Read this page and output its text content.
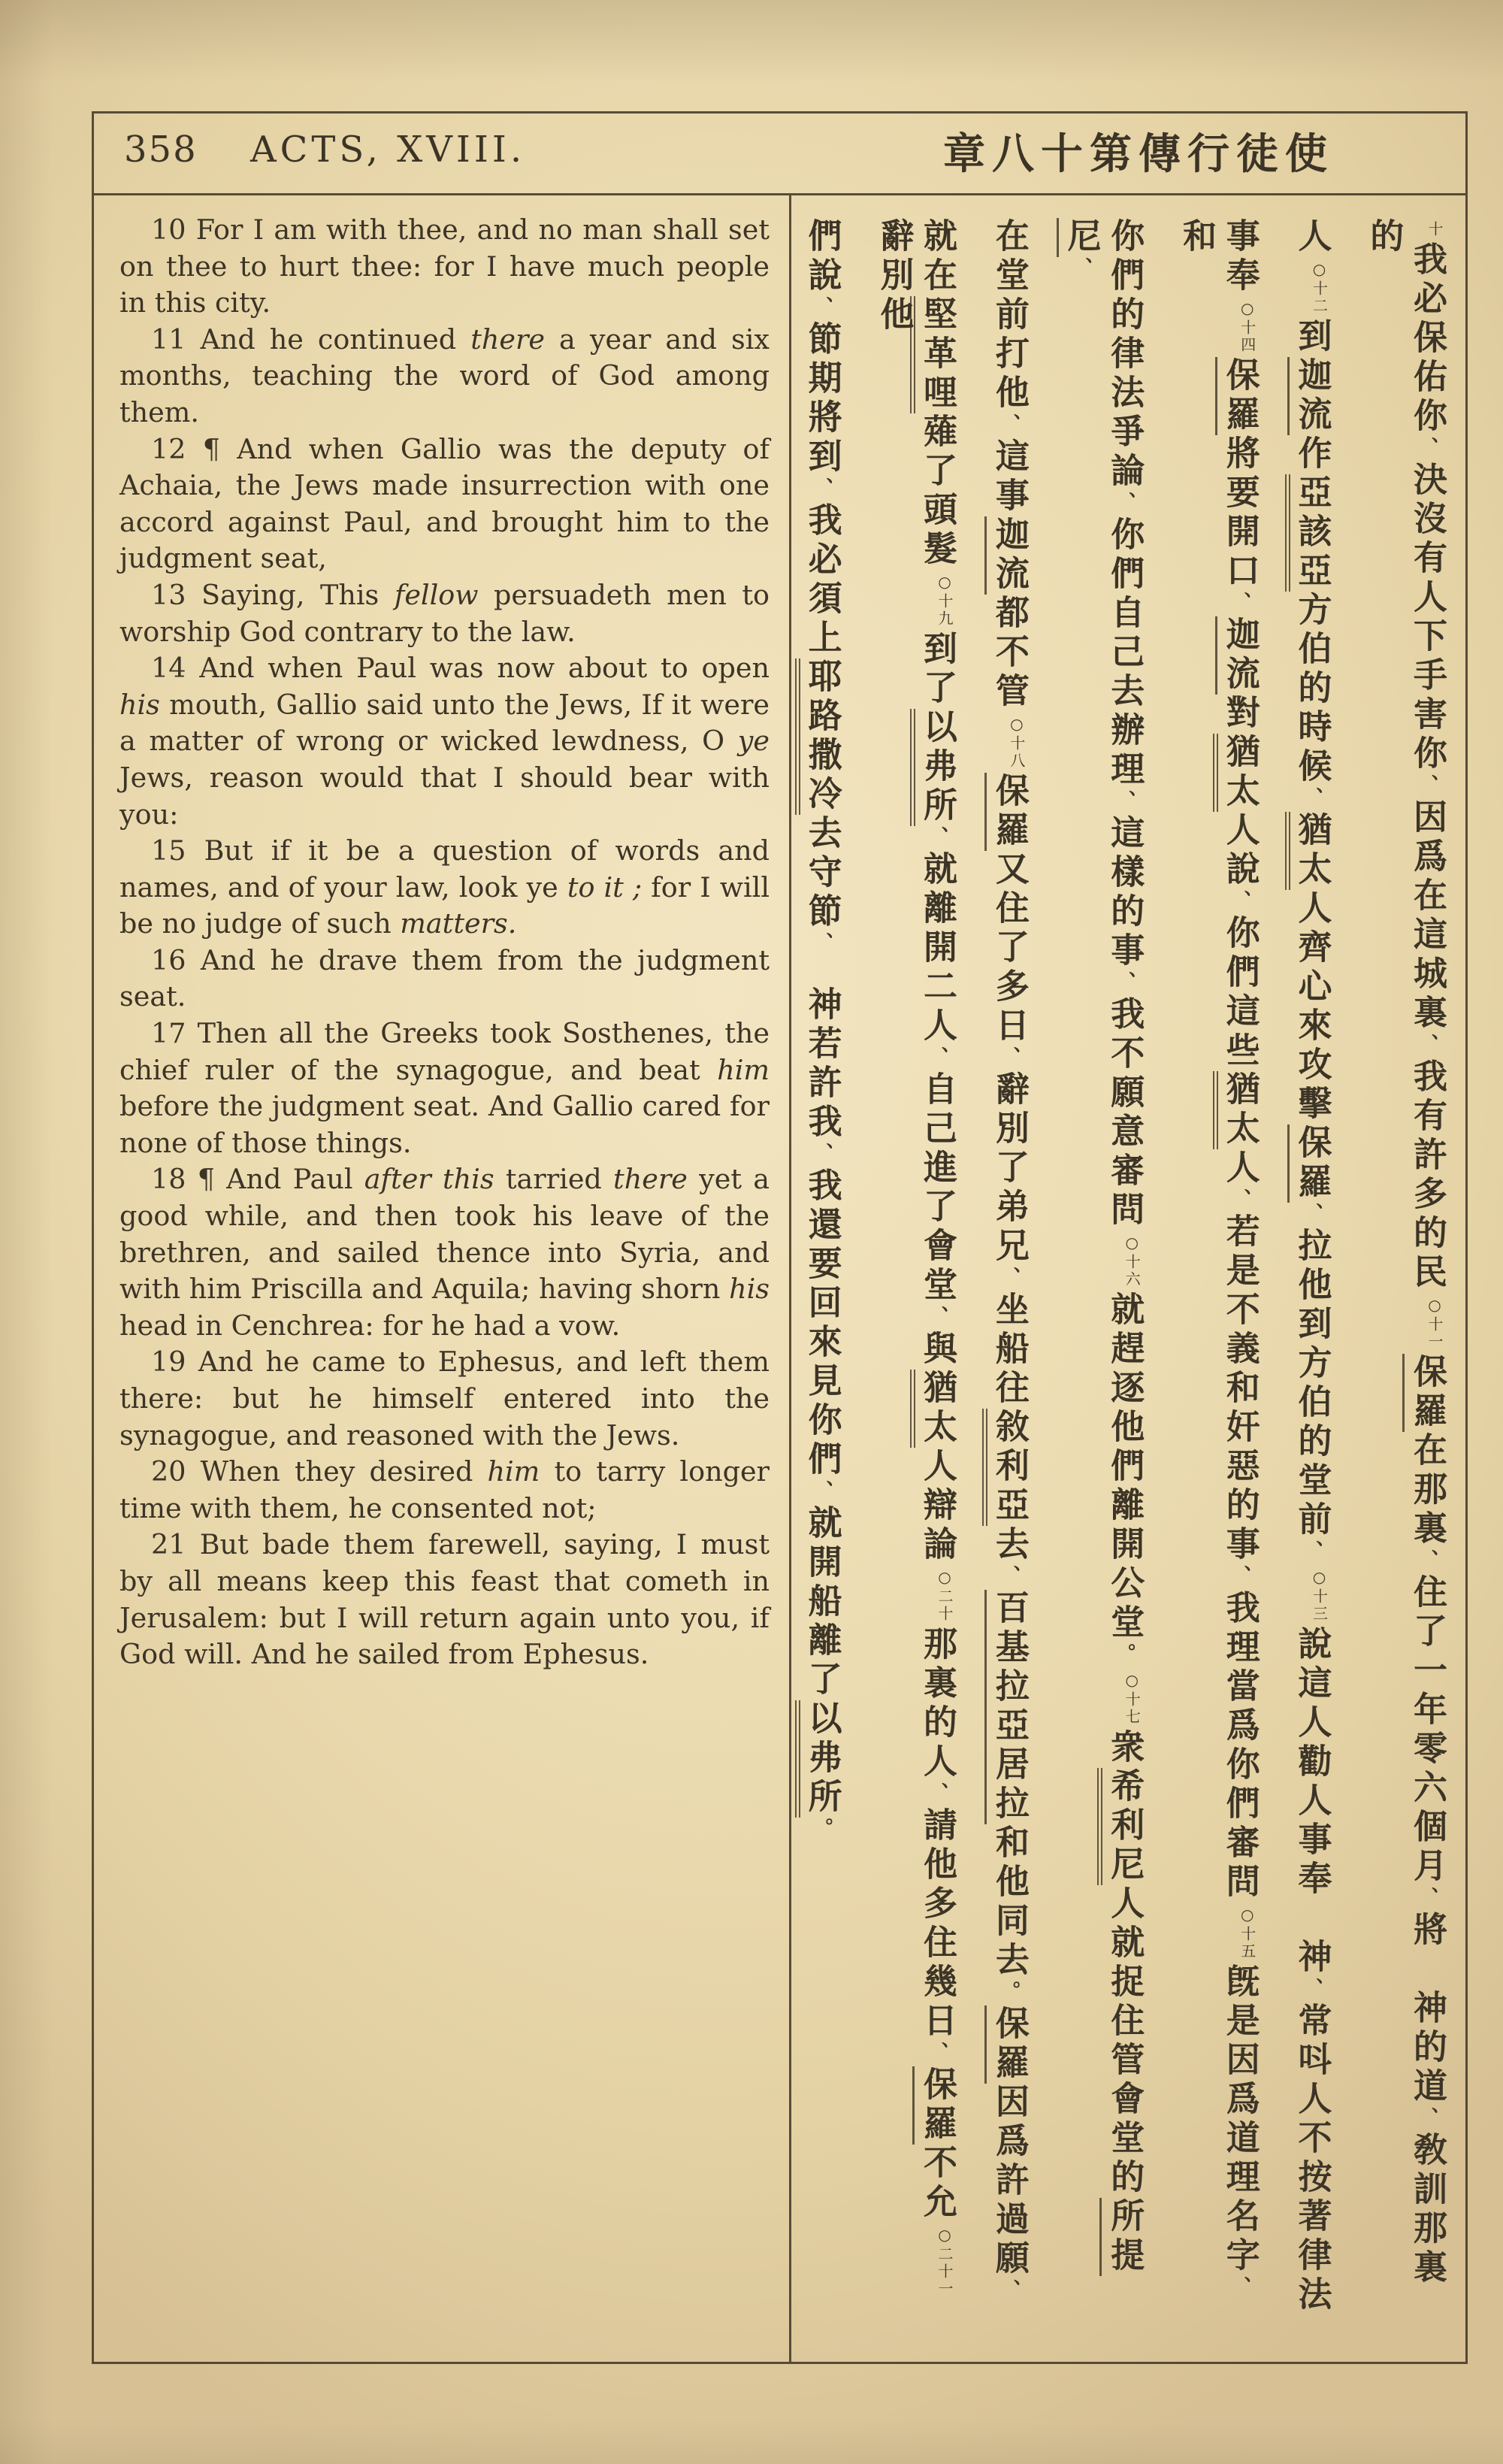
358 ACTS, XVIII.	章八十第傳行徒使

10 For I am with thee, and no man shall set on thee to hurt thee: for I have much people in this city.

11 And he continued there a year and six months, teaching the word of God among them.

12 ¶ And when Gallio was the deputy of Achaia, the Jews made insurrection with one accord against Paul, and brought him to the judgment seat,

13 Saying, This fellow persuadeth men to worship God contrary to the law.

14 And when Paul was now about to open his mouth, Gallio said unto the Jews, If it were a matter of wrong or wicked lewdness, O ye Jews, reason would that I should bear with you:

15 But if it be a question of words and names, and of your law, look ye to it ; for I will be no judge of such matters.

16 And he drave them from the judgment seat.

17 Then all the Greeks took Sosthenes, the chief ruler of the synagogue, and beat him before the judgment seat. And Gallio cared for none of those things.

18 ¶ And Paul after this tarried there yet a good while, and then took his leave of the brethren, and sailed thence into Syria, and with him Priscilla and Aquila; having shorn his head in Cenchrea: for he had a vow.

19 And he came to Ephesus, and left them there: but he himself entered into the synagogue, and reasoned with the Jews.

20 When they desired him to tarry longer time with them, he consented not;

21 But bade them farewell, saying, I must by all means keep this feast that cometh in Jerusalem: but I will return again unto you, if God will. And he sailed from Ephesus.

十我必保佑你、決沒有人下手害你、因爲在這城裏、我有許多的民○十一保羅在那裏、住了一年零六個月、將　神的道、敎訓那裏的
人○十二到迦流作亞該亞方伯的時候、猶太人齊心來攻擊保羅、拉他到方伯的堂前、○十三說這人勸人事奉　神、常呌人不按著律法
事奉○十四保羅將要開口、迦流對猶太人說、你們這些猶太人、若是不義和奸惡的事、我理當爲你們審問○十五旣是因爲道理名字、和
你們的律法爭論、你們自己去辦理、這樣的事、我不願意審問○十六就趕逐他們離開公堂。○十七衆希利尼人就捉住管會堂的所提尼、
在堂前打他、這事迦流都不管○十八保羅又住了多日、辭別了弟兄、坐船往敘利亞去、百基拉亞居拉和他同去。保羅因爲許過願、
就在堅革哩薙了頭髮○十九到了以弗所、就離開二人、自己進了會堂、與猶太人辯論○二十那裏的人、請他多住幾日、保羅不允○二十一辭別他
們說、節期將到、我必須上耶路撒冷去守節、　神若許我、我還要回來見你們、就開船離了以弗所。
